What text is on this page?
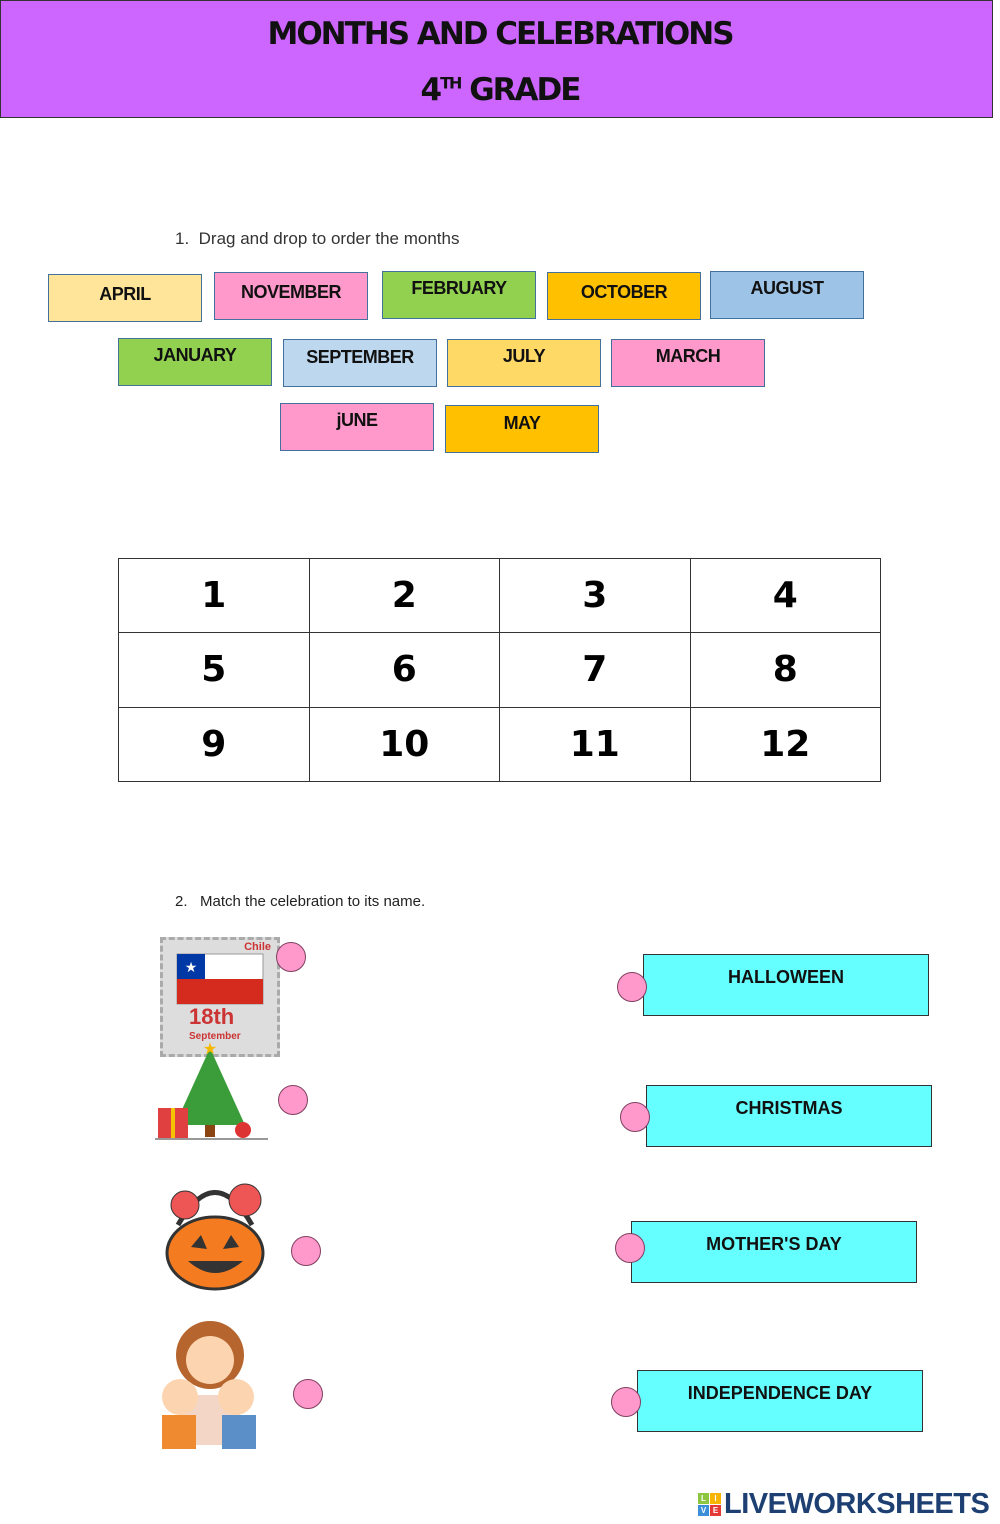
MONTHS AND CELEBRATIONS
4TH GRADE
1. Drag and drop to order the months
APRIL	NOVEMBER	FEBRUARY	OCTOBER	AUGUST
JANUARY	SEPTEMBER	JULY	MARCH
jUNE	MAY
1	2	3	4
5	6	7	8
9	10	11	12
2. Match the celebration to its name.
★
Chile
18th
September
★
HALLOWEEN
CHRISTMAS
MOTHER'S DAY
INDEPENDENCE DAY
L	I
V E LIVEWORKSHEETS
